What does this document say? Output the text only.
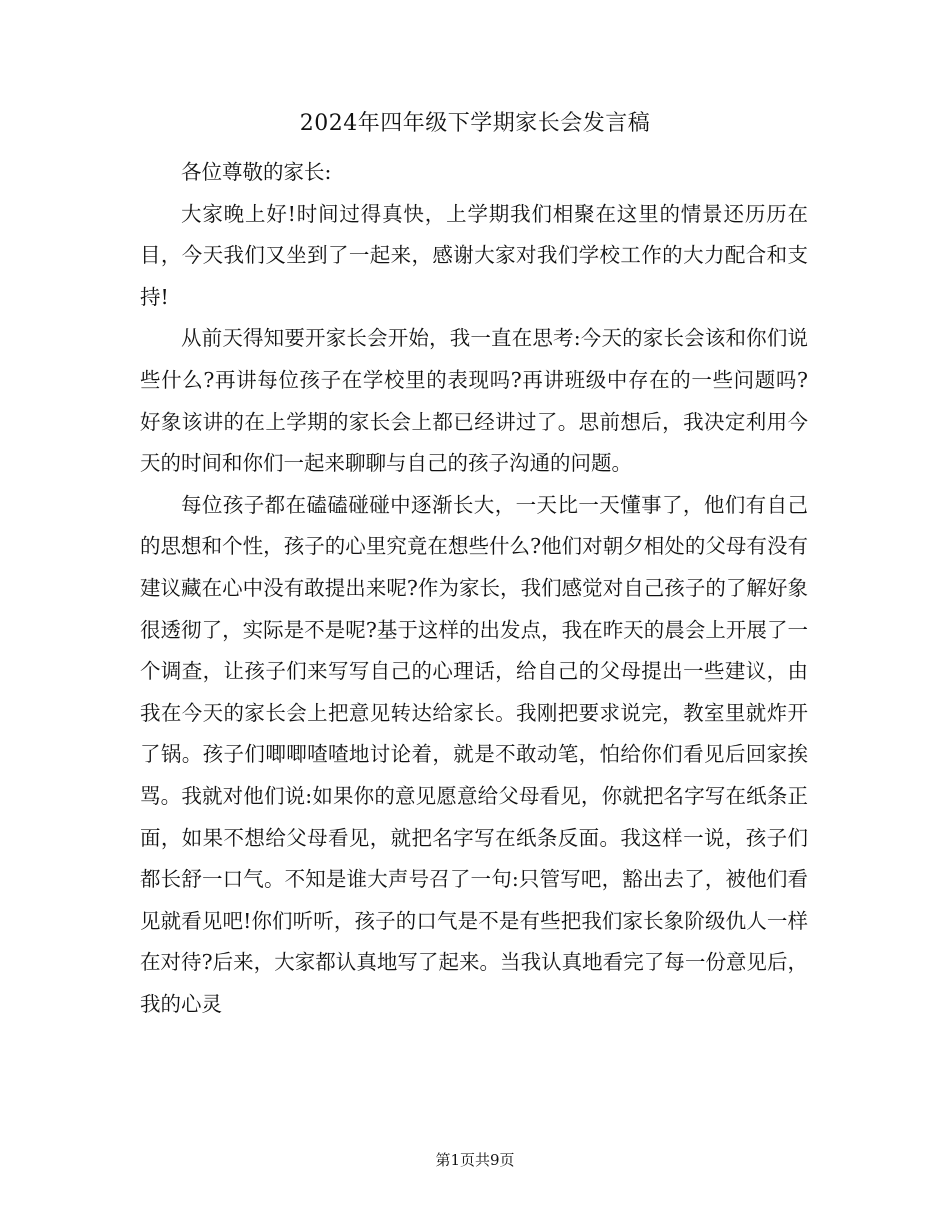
2024年四年级下学期家长会发言稿

各位尊敬的家长:

大家晚上好!时间过得真快，上学期我们相聚在这里的情景还历历在目，今天我们又坐到了一起来，感谢大家对我们学校工作的大力配合和支持!

从前天得知要开家长会开始，我一直在思考:今天的家长会该和你们说些什么?再讲每位孩子在学校里的表现吗?再讲班级中存在的一些问题吗?好象该讲的在上学期的家长会上都已经讲过了。思前想后，我决定利用今天的时间和你们一起来聊聊与自己的孩子沟通的问题。

每位孩子都在磕磕碰碰中逐渐长大，一天比一天懂事了，他们有自己的思想和个性，孩子的心里究竟在想些什么?他们对朝夕相处的父母有没有建议藏在心中没有敢提出来呢?作为家长，我们感觉对自己孩子的了解好象很透彻了，实际是不是呢?基于这样的出发点，我在昨天的晨会上开展了一个调查，让孩子们来写写自己的心理话，给自己的父母提出一些建议，由我在今天的家长会上把意见转达给家长。我刚把要求说完，教室里就炸开了锅。孩子们唧唧喳喳地讨论着，就是不敢动笔，怕给你们看见后回家挨骂。我就对他们说:如果你的意见愿意给父母看见，你就把名字写在纸条正面，如果不想给父母看见，就把名字写在纸条反面。我这样一说，孩子们都长舒一口气。不知是谁大声号召了一句:只管写吧，豁出去了，被他们看见就看见吧!你们听听，孩子的口气是不是有些把我们家长象阶级仇人一样在对待?后来，大家都认真地写了起来。当我认真地看完了每一份意见后，我的心灵

第1页共9页
